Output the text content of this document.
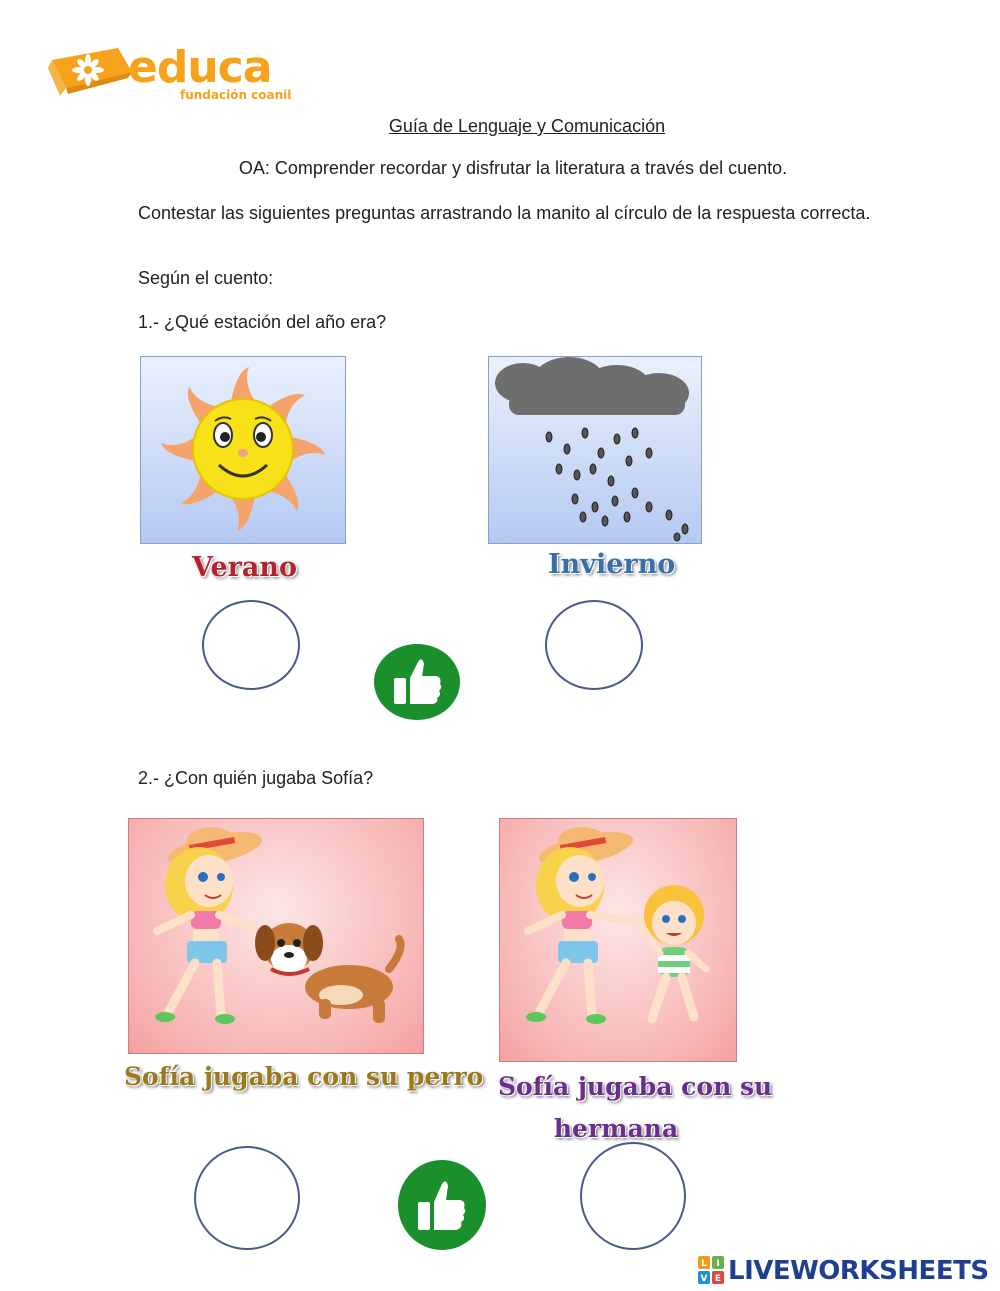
educa
fundación coanil
Guía de Lenguaje y Comunicación
OA: Comprender recordar y disfrutar la literatura a través del cuento.
Contestar las siguientes preguntas arrastrando la manito al círculo de la respuesta correcta.
Según el cuento:
1.- ¿Qué estación del año era?
Verano	Invierno
2.- ¿Con quién jugaba Sofía?
Sofía jugaba con su perro Sofía jugaba con su
hermana
L I
V E LIVEWORKSHEETS
